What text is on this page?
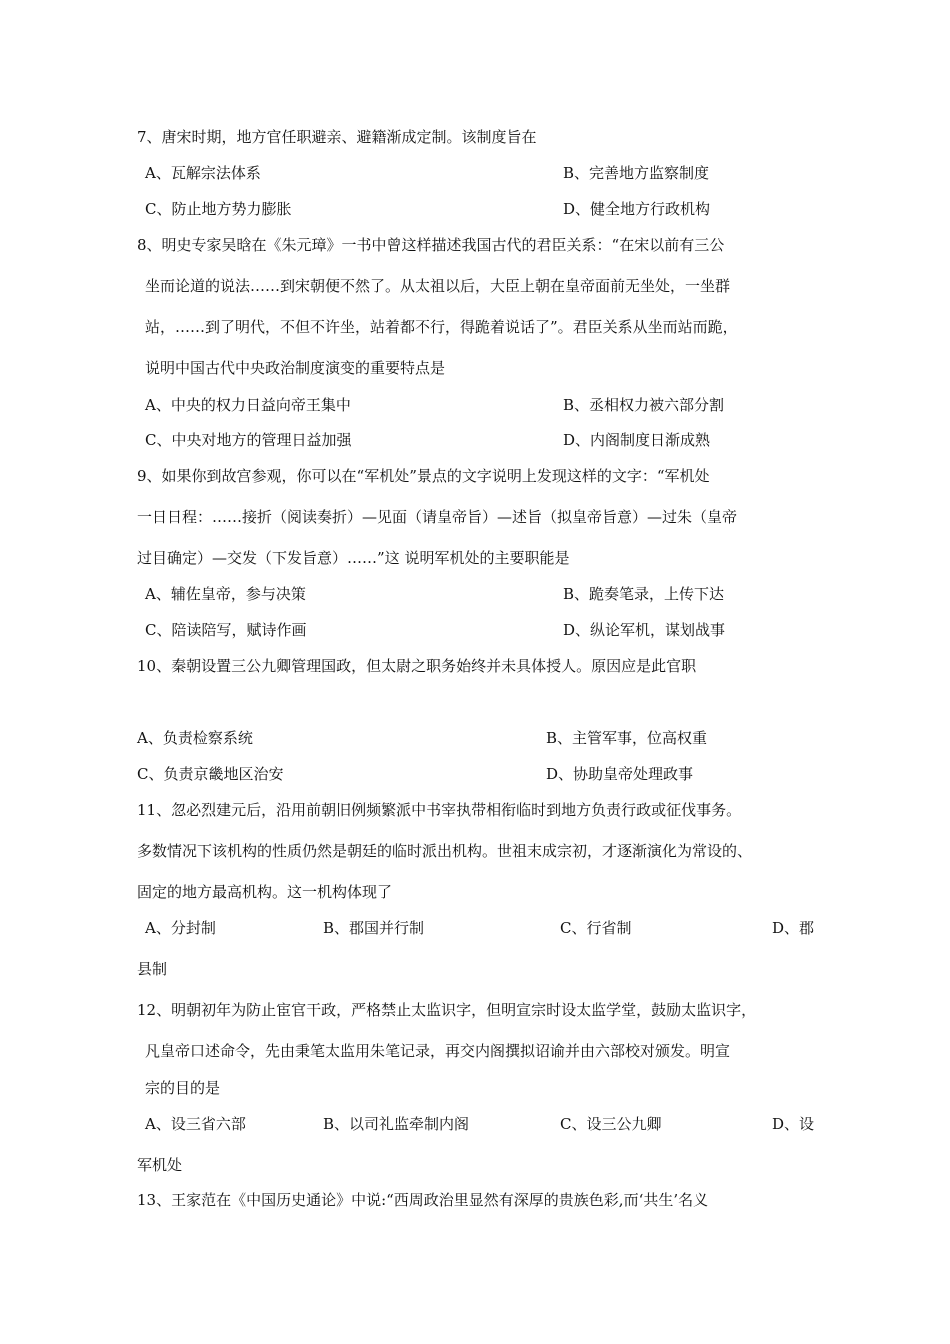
7、唐宋时期，地方官任职避亲、避籍渐成定制。该制度旨在
A、瓦解宗法体系	B、完善地方监察制度
C、防止地方势力膨胀	D、健全地方行政机构
8、明史专家吴晗在《朱元璋》一书中曾这样描述我国古代的君臣关系：“在宋以前有三公
坐而论道的说法……到宋朝便不然了。从太祖以后，大臣上朝在皇帝面前无坐处，一坐群
站，……到了明代，不但不许坐，站着都不行，得跪着说话了”。君臣关系从坐而站而跪，
说明中国古代中央政治制度演变的重要特点是
A、中央的权力日益向帝王集中	B、丞相权力被六部分割
C、中央对地方的管理日益加强	D、内阁制度日渐成熟
9、如果你到故宫参观，你可以在“军机处”景点的文字说明上发现这样的文字：“军机处
一日日程：……接折（阅读奏折）—见面（请皇帝旨）—述旨（拟皇帝旨意）—过朱（皇帝
过目确定）—交发（下发旨意）……”这 说明军机处的主要职能是
A、辅佐皇帝，参与决策	B、跪奏笔录，上传下达
C、陪读陪写，赋诗作画	D、纵论军机，谋划战事
10、秦朝设置三公九卿管理国政，但太尉之职务始终并未具体授人。原因应是此官职
A、负责检察系统	B、主管军事，位高权重
C、负责京畿地区治安	D、协助皇帝处理政事
11、忽必烈建元后，沿用前朝旧例频繁派中书宰执带相衔临时到地方负责行政或征伐事务。
多数情况下该机构的性质仍然是朝廷的临时派出机构。世祖末成宗初，才逐渐演化为常设的、
固定的地方最高机构。这一机构体现了
A、分封制	B、郡国并行制	C、行省制	D、郡
县制
12、明朝初年为防止宦官干政，严格禁止太监识字，但明宣宗时设太监学堂，鼓励太监识字，
凡皇帝口述命令，先由秉笔太监用朱笔记录，再交内阁撰拟诏谕并由六部校对颁发。明宣
宗的目的是
A、设三省六部	B、以司礼监牵制内阁	C、设三公九卿	D、设
军机处
13、王家范在《中国历史通论》中说:“西周政治里显然有深厚的贵族色彩,而‘共生’名义
